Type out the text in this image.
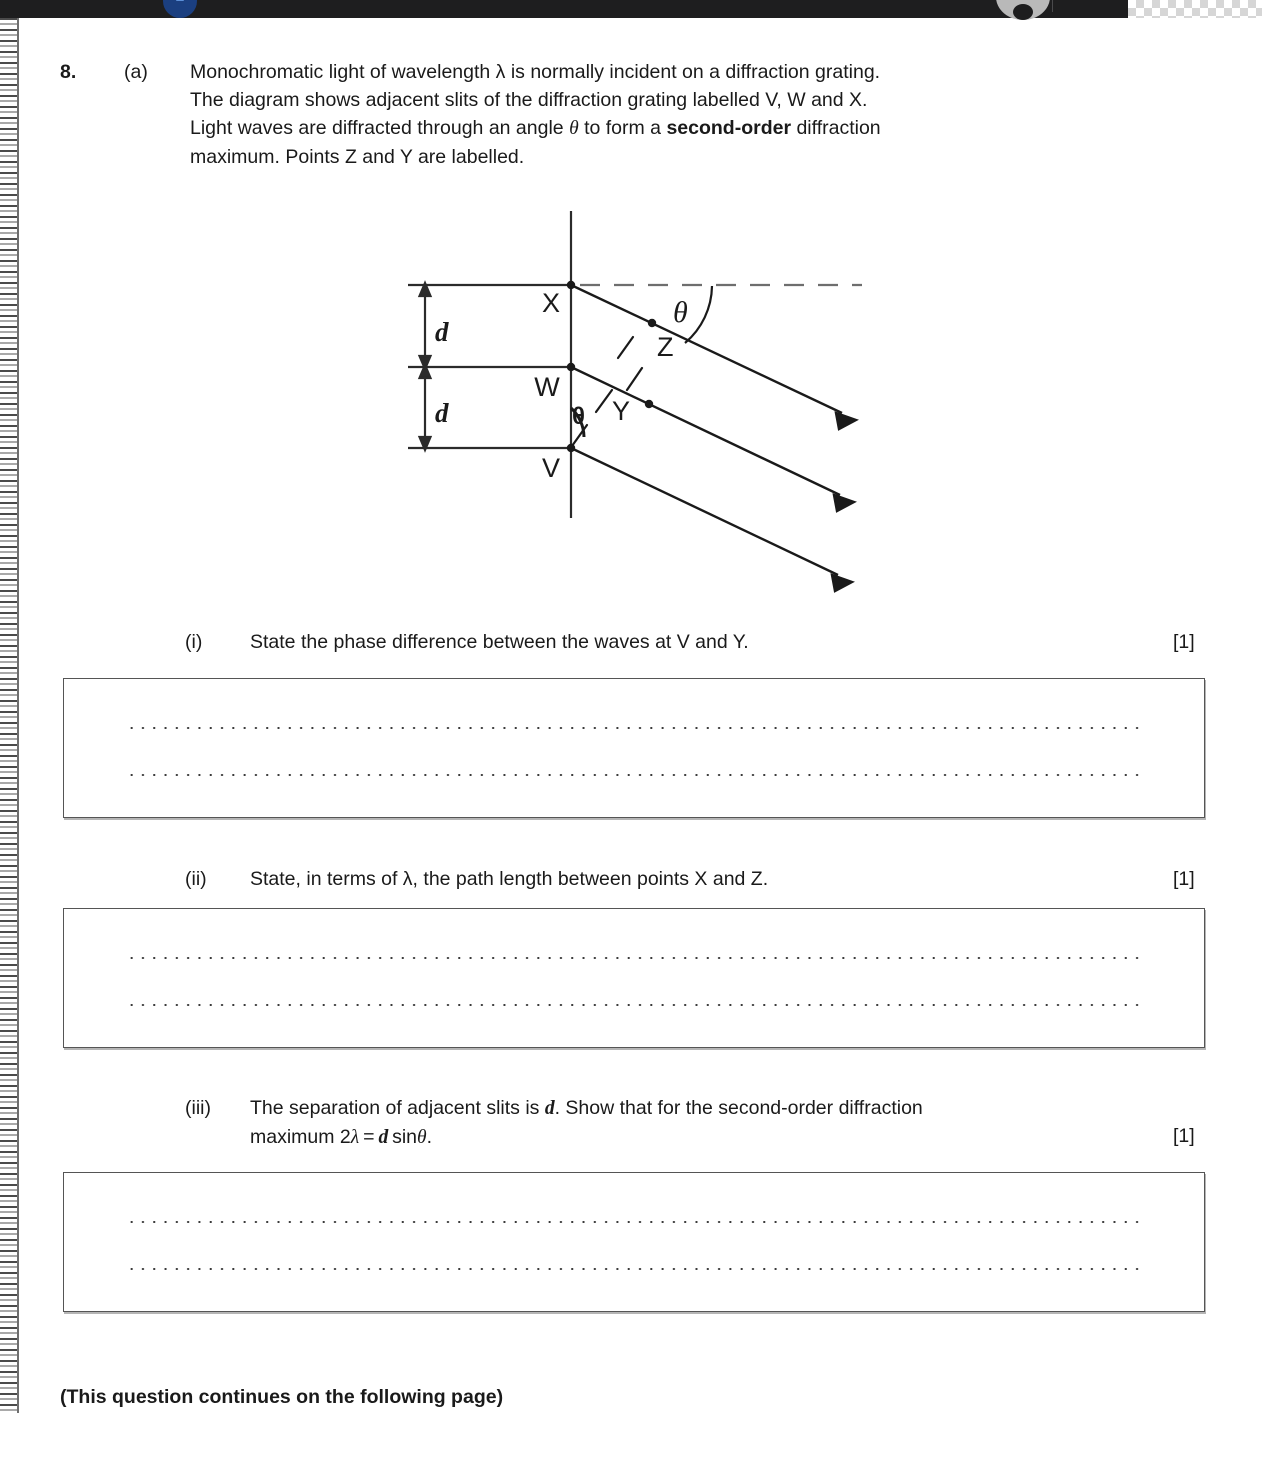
8. (a) Monochromatic light of wavelength λ is normally incident on a diffraction grating.

The diagram shows adjacent slits of the diffraction grating labelled V, W and X.

Light waves are diffracted through an angle θ to form a second-order diffraction

maximum. Points Z and Y are labelled.

X
W
V
Z
Y
d
d
θ
θ
(i) State the phase difference between the waves at V and Y.	[1]
(ii) State, in terms of λ, the path length between points X and Z.	[1]
(iii) The separation of adjacent slits is d. Show that for the second-order diffraction
maximum 2λ = d sinθ.	[1]

(This question continues on the following page)
